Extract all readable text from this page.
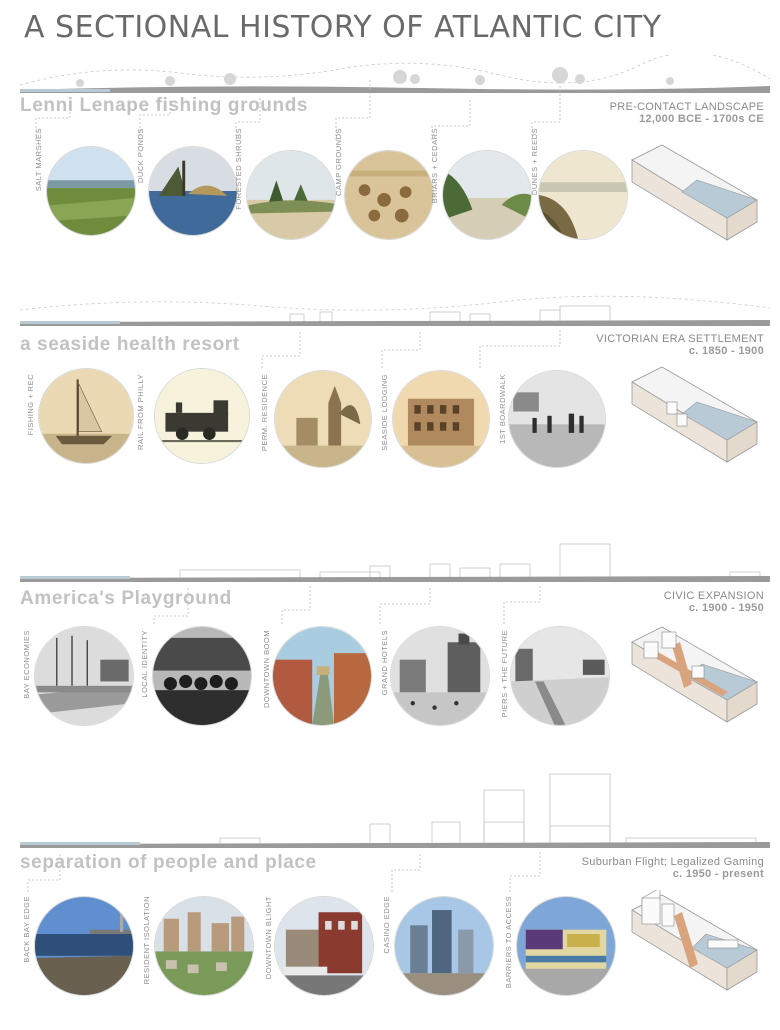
A SECTIONAL HISTORY OF ATLANTIC CITY
Lenni Lenape fishing grounds	PRE-CONTACT LANDSCAPE
12,000 BCE - 1700s CE
SALT MARSHES	DUCK PONDS	FORESTED SHRUBS	CAMP GROUNDS	BRIARS + CEDARS	DUNES + REEDS
a seaside health resort	VICTORIAN ERA SETTLEMENT
c. 1850 - 1900
FISHING + REC	RAIL FROM PHILLY	PERM. RESIDENCE	SEASIDE LODGING	1ST BOARDWALK
America's Playground	CIVIC EXPANSION
c. 1900 - 1950
BAY ECONOMIES	LOCAL IDENTITY	DOWNTOWN BOOM	GRAND HOTELS	PIERS + THE FUTURE
separation of people and place	Suburban Flight; Legalized Gaming
c. 1950 - present
BACK BAY EDGE	RESIDENT ISOLATION	DOWNTOWN BLIGHT	CASINO EDGE	BARRIERS TO ACCESS
